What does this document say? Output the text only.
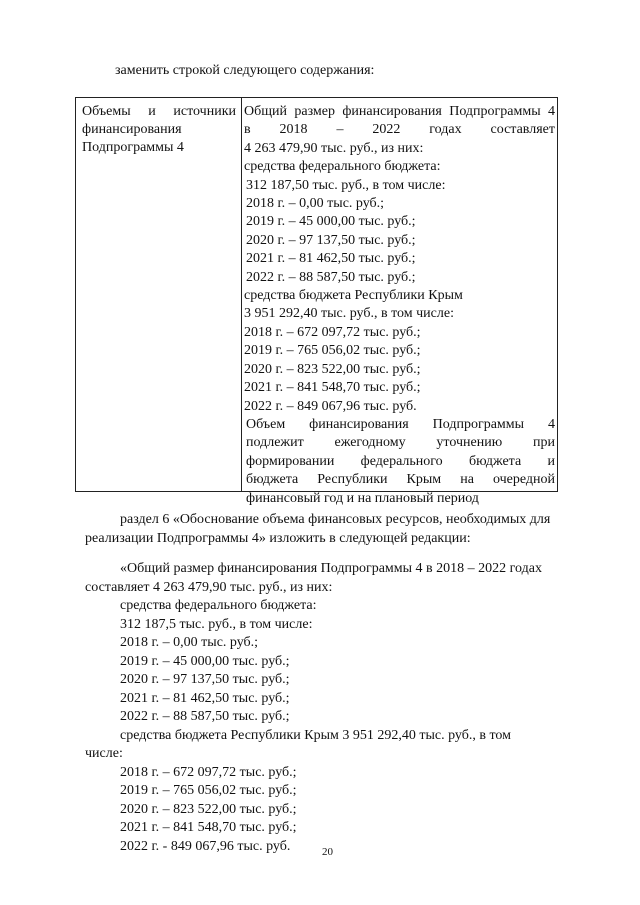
заменить строкой следующего содержания:
Объемы и источники
финансирования
Подпрограммы 4
Общий размер финансирования Подпрограммы 4
в 2018 – 2022 годах составляет
4 263 479,90 тыс. руб., из них:
средства федерального бюджета:
312 187,50 тыс. руб., в том числе:
2018 г. – 0,00 тыс. руб.;
2019 г. – 45 000,00 тыс. руб.;
2020 г. – 97 137,50 тыс. руб.;
2021 г. – 81 462,50 тыс. руб.;
2022 г. – 88 587,50 тыс. руб.;
средства бюджета Республики Крым
3 951 292,40 тыс. руб., в том числе:
2018 г. – 672 097,72 тыс. руб.;
2019 г. – 765 056,02 тыс. руб.;
2020 г. – 823 522,00 тыс. руб.;
2021 г. – 841 548,70 тыс. руб.;
2022 г. – 849 067,96 тыс. руб.
Объем финансирования Подпрограммы 4
подлежит ежегодному уточнению при
формировании федерального бюджета и
бюджета Республики Крым на очередной
финансовый год и на плановый период
раздел 6 «Обоснование объема финансовых ресурсов, необходимых для
реализации Подпрограммы 4» изложить в следующей редакции:
«Общий размер финансирования Подпрограммы 4 в 2018 – 2022 годах
составляет 4 263 479,90 тыс. руб., из них:
средства федерального бюджета:
312 187,5 тыс. руб., в том числе:
2018 г. – 0,00 тыс. руб.;
2019 г. – 45 000,00 тыс. руб.;
2020 г. – 97 137,50 тыс. руб.;
2021 г. – 81 462,50 тыс. руб.;
2022 г. – 88 587,50 тыс. руб.;
средства бюджета Республики Крым 3 951 292,40 тыс. руб., в том
числе:
2018 г. – 672 097,72 тыс. руб.;
2019 г. – 765 056,02 тыс. руб.;
2020 г. – 823 522,00 тыс. руб.;
2021 г. – 841 548,70 тыс. руб.;
2022 г. - 849 067,96 тыс. руб.	20
